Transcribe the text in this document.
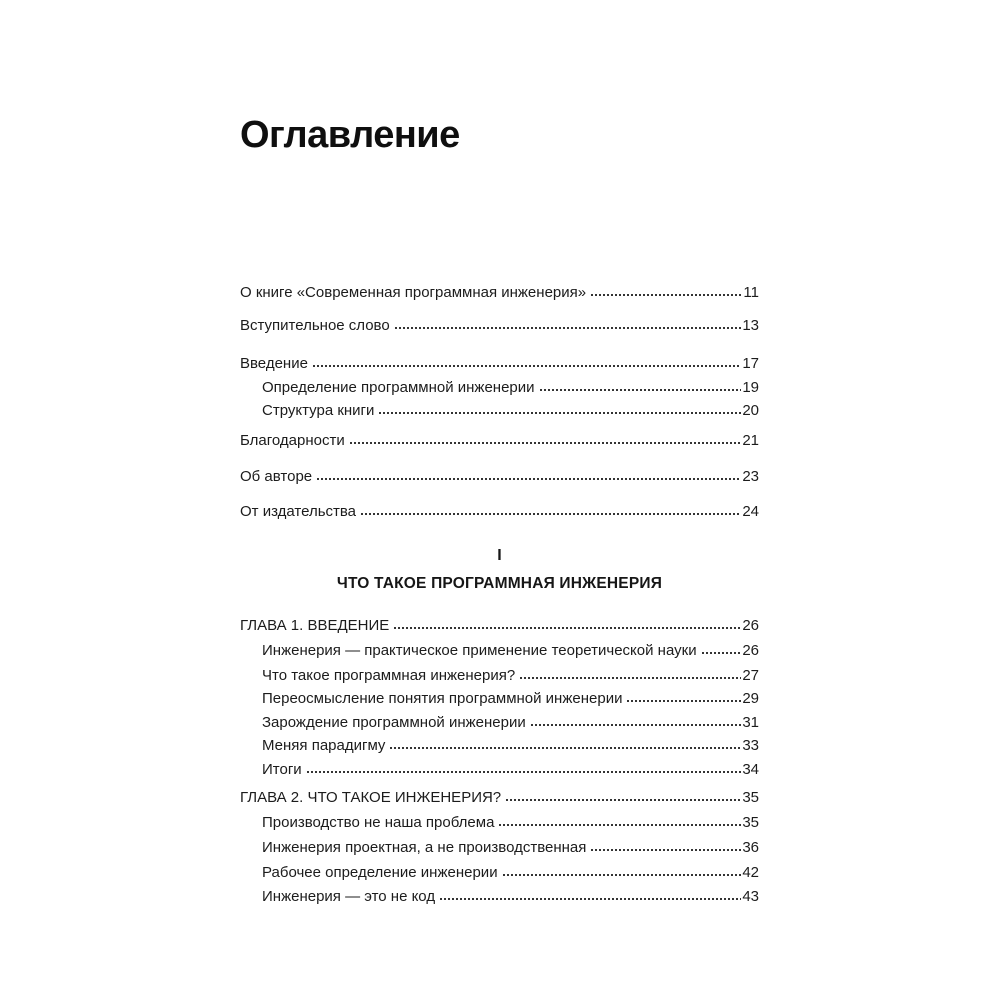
Оглавление
О книге «Современная программная инженерия»	11
Вступительное слово	13
Введение	17
Определение программной инженерии	19
Структура книги	20
Благодарности	21
Об авторе	23
От издательства	24
I
ЧТО ТАКОЕ ПРОГРАММНАЯ ИНЖЕНЕРИЯ
ГЛАВА 1. ВВЕДЕНИЕ	26
Инженерия — практическое применение теоретической науки	26
Что такое программная инженерия?	27
Переосмысление понятия программной инженерии	29
Зарождение программной инженерии	31
Меняя парадигму	33
Итоги	34
ГЛАВА 2. ЧТО ТАКОЕ ИНЖЕНЕРИЯ?	35
Производство не наша проблема	35
Инженерия проектная, а не производственная	36
Рабочее определение инженерии	42
Инженерия — это не код	43
